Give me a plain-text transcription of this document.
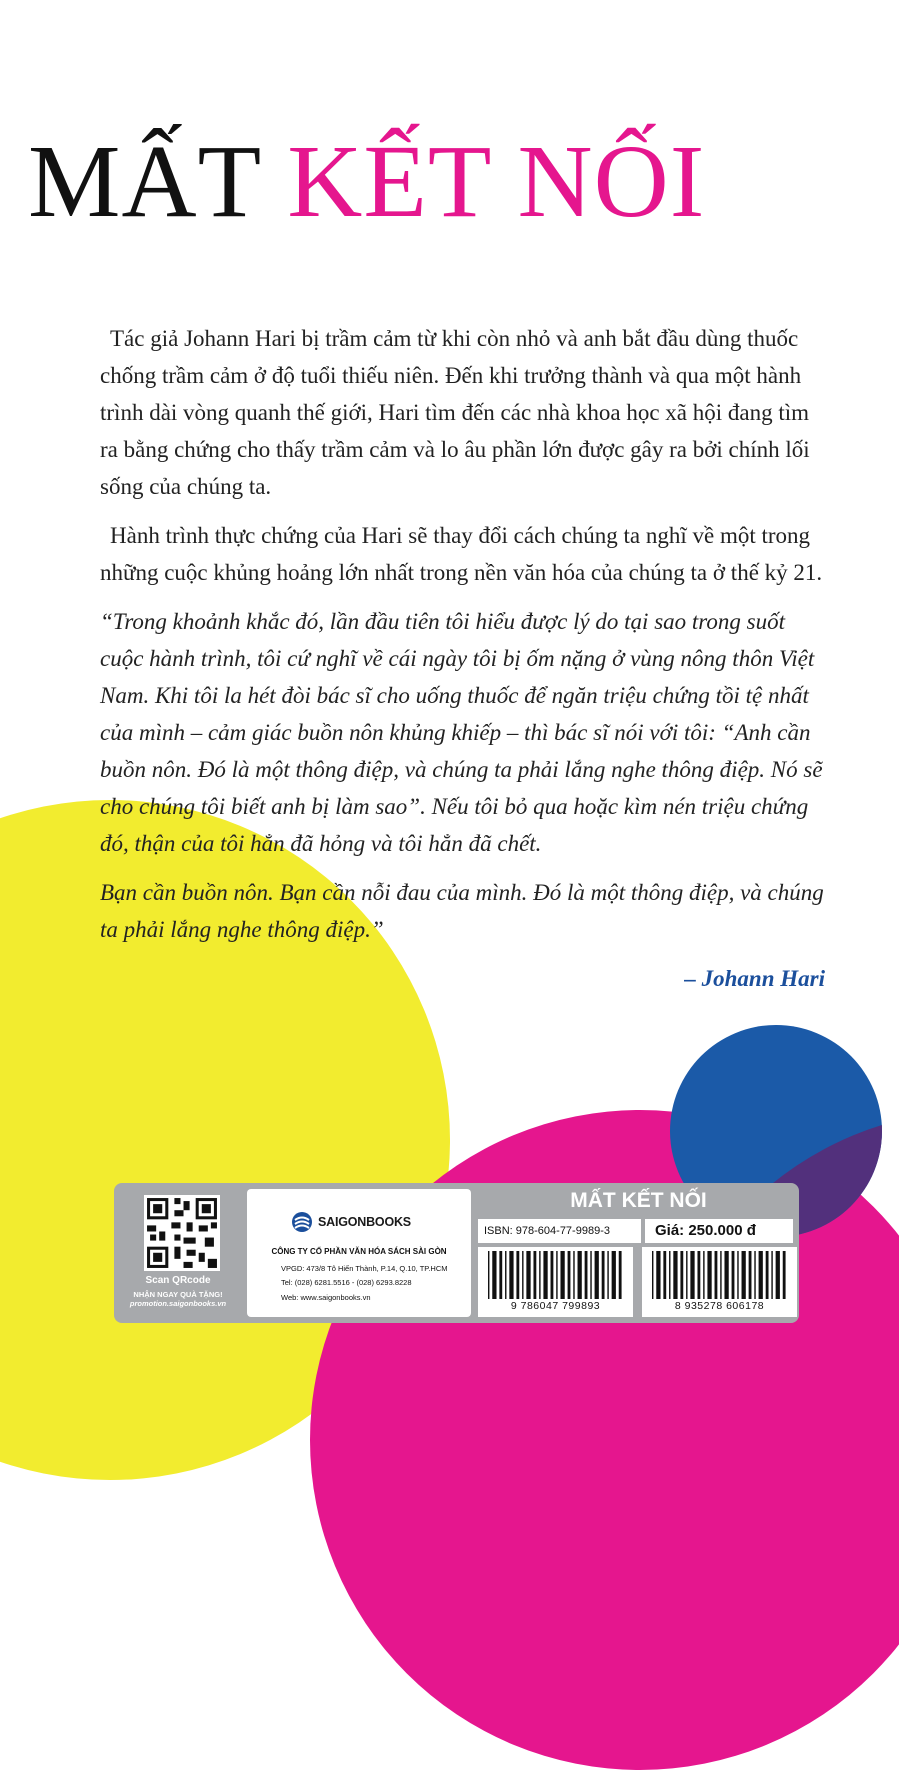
MẤT KẾT NỐI

Tác giả Johann Hari bị trầm cảm từ khi còn nhỏ và anh bắt đầu dùng thuốc chống trầm cảm ở độ tuổi thiếu niên. Đến khi trưởng thành và qua một hành trình dài vòng quanh thế giới, Hari tìm đến các nhà khoa học xã hội đang tìm ra bằng chứng cho thấy trầm cảm và lo âu phần lớn được gây ra bởi chính lối sống của chúng ta.

Hành trình thực chứng của Hari sẽ thay đổi cách chúng ta nghĩ về một trong những cuộc khủng hoảng lớn nhất trong nền văn hóa của chúng ta ở thế kỷ 21.

“Trong khoảnh khắc đó, lần đầu tiên tôi hiểu được lý do tại sao trong suốt cuộc hành trình, tôi cứ nghĩ về cái ngày tôi bị ốm nặng ở vùng nông thôn Việt Nam. Khi tôi la hét đòi bác sĩ cho uống thuốc để ngăn triệu chứng tồi tệ nhất của mình – cảm giác buồn nôn khủng khiếp – thì bác sĩ nói với tôi: “Anh cần buồn nôn. Đó là một thông điệp, và chúng ta phải lắng nghe thông điệp. Nó sẽ cho chúng tôi biết anh bị làm sao”. Nếu tôi bỏ qua hoặc kìm nén triệu chứng đó, thận của tôi hẳn đã hỏng và tôi hẳn đã chết.

Bạn cần buồn nôn. Bạn cần nỗi đau của mình. Đó là một thông điệp, và chúng ta phải lắng nghe thông điệp.”

– Johann Hari
Scan QRcode
NHẬN NGAY QUÀ TẶNG!
promotion.saigonbooks.vn
SAIGONBOOKS
CÔNG TY CỔ PHẦN VĂN HÓA SÁCH SÀI GÒN
VPGD: 473/8 Tô Hiến Thành, P.14, Q.10, TP.HCM
Tel: (028) 6281.5516 - (028) 6293.8228
Web: www.saigonbooks.vn
MẤT KẾT NỐI
ISBN: 978-604-77-9989-3	Giá: 250.000 đ
9 786047 799893	8 935278 606178
